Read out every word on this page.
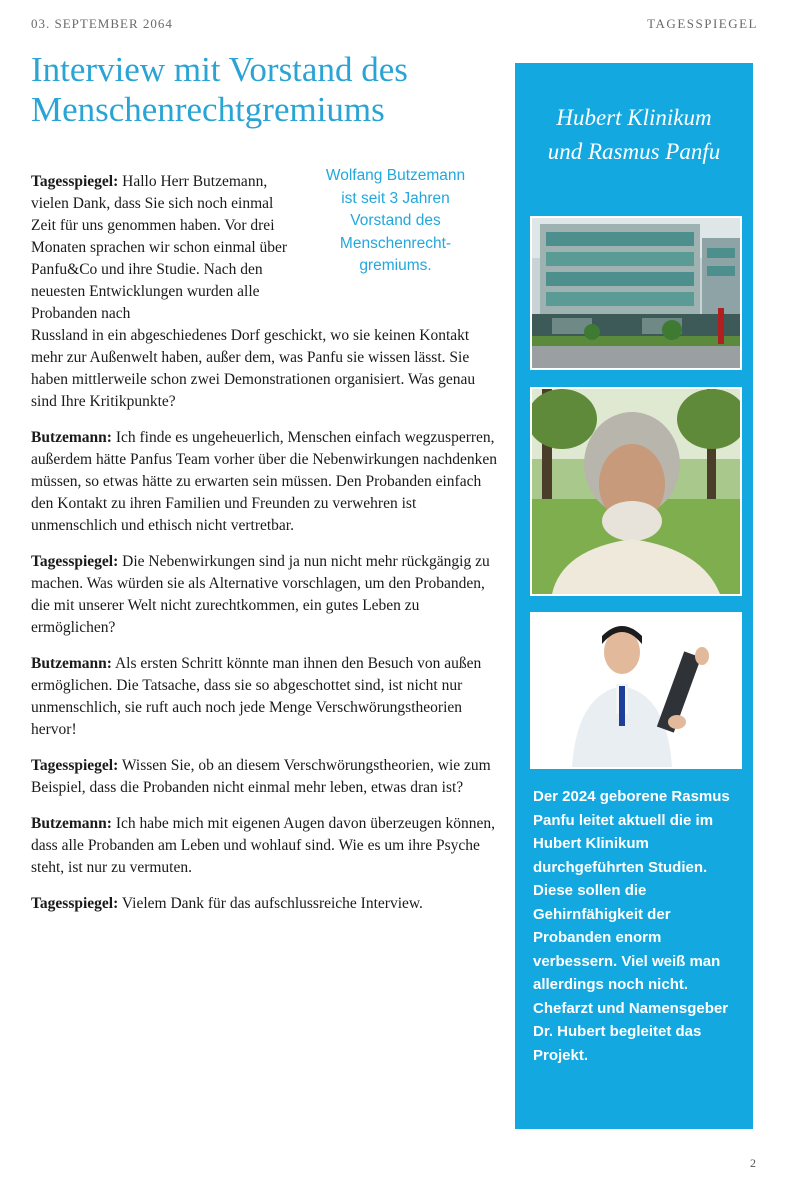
03. SEPTEMBER 2064	TAGESSPIEGEL
Interview mit Vorstand des Menschenrechtgremiums
Wolfang Butzemann ist seit 3 Jahren Vorstand des Menschenrecht-gremiums.

Tagesspiegel: Hallo Herr Butzemann, vielen Dank, dass Sie sich noch einmal Zeit für uns genommen haben. Vor drei Monaten sprachen wir schon einmal über Panfu&Co und ihre Studie. Nach den neuesten Entwicklungen wurden alle Probanden nach
Russland in ein abgeschiedenes Dorf geschickt, wo sie keinen Kontakt mehr zur Außenwelt haben, außer dem, was Panfu sie wissen lässt. Sie haben mittlerweile schon zwei Demonstrationen organisiert. Was genau sind Ihre Kritikpunkte?

Butzemann: Ich finde es ungeheuerlich, Menschen einfach wegzusperren, außerdem hätte Panfus Team vorher über die Nebenwirkungen nachdenken müssen, so etwas hätte zu erwarten sein müssen. Den Probanden einfach den Kontakt zu ihren Familien und Freunden zu verwehren ist unmenschlich und ethisch nicht vertretbar.

Tagesspiegel: Die Nebenwirkungen sind ja nun nicht mehr rückgängig zu machen. Was würden sie als Alternative vorschlagen, um den Probanden, die mit unserer Welt nicht zurechtkommen, ein gutes Leben zu ermöglichen?

Butzemann: Als ersten Schritt könnte man ihnen den Besuch von außen ermöglichen. Die Tatsache, dass sie so abgeschottet sind, ist nicht nur unmenschlich, sie ruft auch noch jede Menge Verschwörungstheorien hervor!

Tagesspiegel: Wissen Sie, ob an diesem Verschwörungstheorien, wie zum Beispiel, dass die Probanden nicht einmal mehr leben, etwas dran ist?

Butzemann: Ich habe mich mit eigenen Augen davon überzeugen können, dass alle Probanden am Leben und wohlauf sind. Wie es um ihre Psyche steht, ist nur zu vermuten.

Tagesspiegel: Vielem Dank für das aufschlussreiche Interview.

Hubert Klinikum
und Rasmus Panfu
Der 2024 geborene Rasmus Panfu leitet aktuell die im Hubert Klinikum durchgeführten Studien. Diese sollen die Gehirnfähigkeit der Probanden enorm verbessern. Viel weiß man allerdings noch nicht. Chefarzt und Namensgeber Dr. Hubert begleitet das Projekt.
2
